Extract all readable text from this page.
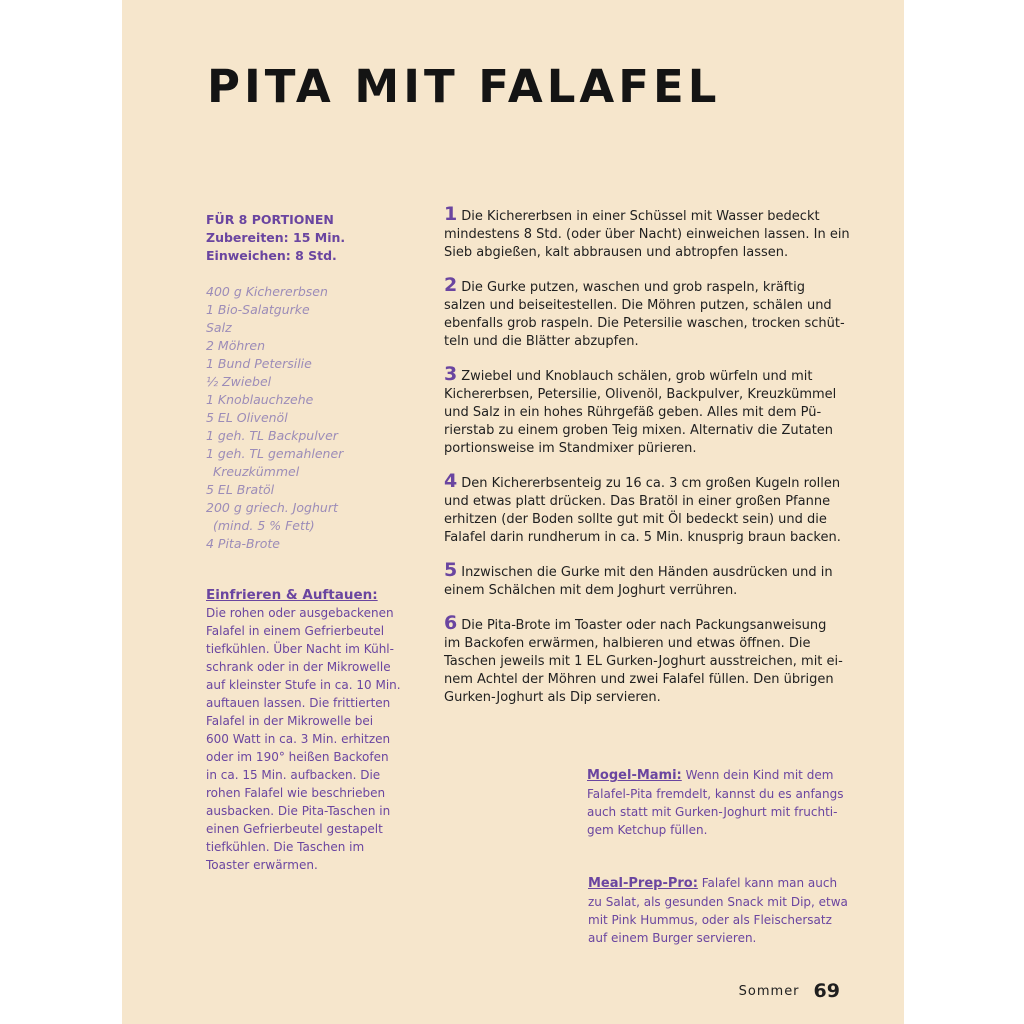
PITA MIT FALAFEL
FÜR 8 PORTIONEN
Zubereiten: 15 Min.
Einweichen: 8 Std.
400 g Kichererbsen
1 Bio-Salatgurke
Salz
2 Möhren
1 Bund Petersilie
½ Zwiebel
1 Knoblauchzehe
5 EL Olivenöl
1 geh. TL Backpulver
1 geh. TL gemahlener
Kreuzkümmel
5 EL Bratöl
200 g griech. Joghurt
(mind. 5 % Fett)
4 Pita-Brote
Einfrieren & Auftauen:
Die rohen oder ausgebackenen
Falafel in einem Gefrierbeutel
tiefkühlen. Über Nacht im Kühl-
schrank oder in der Mikrowelle
auf kleinster Stufe in ca. 10 Min.
auftauen lassen. Die frittierten
Falafel in der Mikrowelle bei
600 Watt in ca. 3 Min. erhitzen
oder im 190° heißen Backofen
in ca. 15 Min. aufbacken. Die
rohen Falafel wie beschrieben
ausbacken. Die Pita-Taschen in
einen Gefrierbeutel gestapelt
tiefkühlen. Die Taschen im
Toaster erwärmen.
1 Die Kichererbsen in einer Schüssel mit Wasser bedeckt
mindestens 8 Std. (oder über Nacht) einweichen lassen. In ein
Sieb abgießen, kalt abbrausen und abtropfen lassen.
2 Die Gurke putzen, waschen und grob raspeln, kräftig
salzen und beiseitestellen. Die Möhren putzen, schälen und
ebenfalls grob raspeln. Die Petersilie waschen, trocken schüt-
teln und die Blätter abzupfen.
3 Zwiebel und Knoblauch schälen, grob würfeln und mit
Kichererbsen, Petersilie, Olivenöl, Backpulver, Kreuzkümmel
und Salz in ein hohes Rührgefäß geben. Alles mit dem Pü-
rierstab zu einem groben Teig mixen. Alternativ die Zutaten
portionsweise im Standmixer pürieren.
4 Den Kichererbsenteig zu 16 ca. 3 cm großen Kugeln rollen
und etwas platt drücken. Das Bratöl in einer großen Pfanne
erhitzen (der Boden sollte gut mit Öl bedeckt sein) und die
Falafel darin rundherum in ca. 5 Min. knusprig braun backen.
5 Inzwischen die Gurke mit den Händen ausdrücken und in
einem Schälchen mit dem Joghurt verrühren.
6 Die Pita-Brote im Toaster oder nach Packungsanweisung
im Backofen erwärmen, halbieren und etwas öffnen. Die
Taschen jeweils mit 1 EL Gurken-Joghurt ausstreichen, mit ei-
nem Achtel der Möhren und zwei Falafel füllen. Den übrigen
Gurken-Joghurt als Dip servieren.
Mogel-Mami: Wenn dein Kind mit dem
Falafel-Pita fremdelt, kannst du es anfangs
auch statt mit Gurken-Joghurt mit fruchti-
gem Ketchup füllen.
Meal-Prep-Pro: Falafel kann man auch
zu Salat, als gesunden Snack mit Dip, etwa
mit Pink Hummus, oder als Fleischersatz
auf einem Burger servieren.
Sommer 69
